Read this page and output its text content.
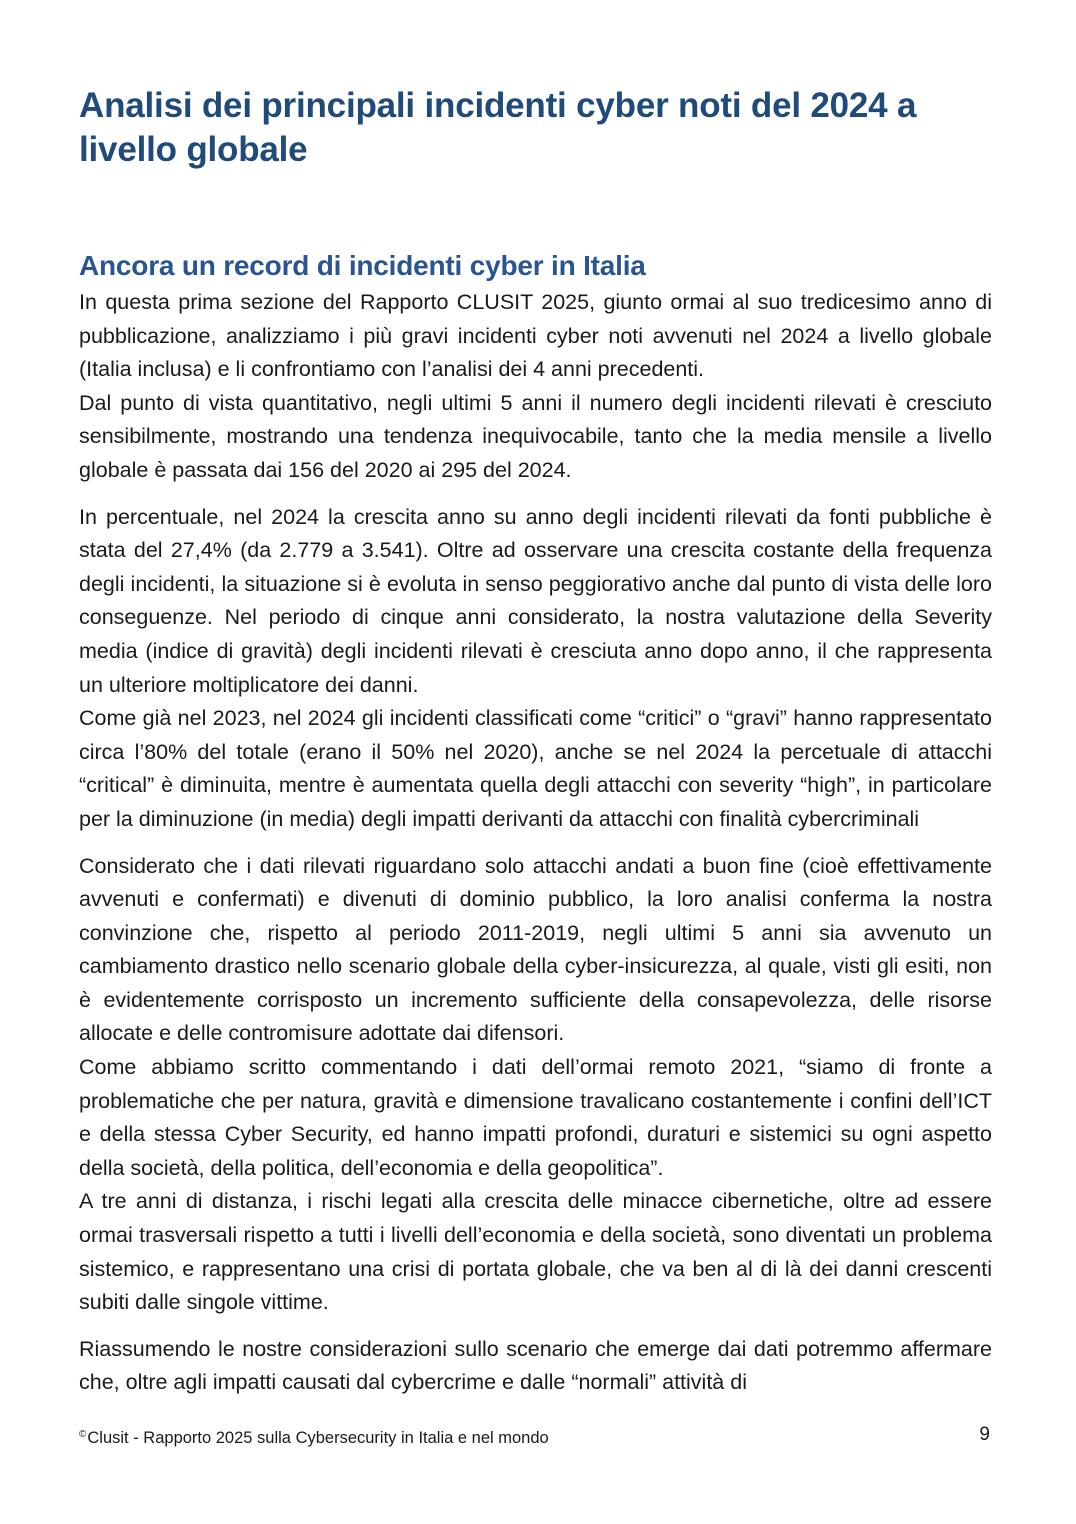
Analisi dei principali incidenti cyber noti del 2024 a livello globale
Ancora un record di incidenti cyber in Italia

In questa prima sezione del Rapporto CLUSIT 2025, giunto ormai al suo tredicesimo anno di pubblicazione, analizziamo i più gravi incidenti cyber noti avvenuti nel 2024 a livello globale (Italia inclusa) e li confrontiamo con l’analisi dei 4 anni precedenti.

Dal punto di vista quantitativo, negli ultimi 5 anni il numero degli incidenti rilevati è cresciuto sensibilmente, mostrando una tendenza inequivocabile, tanto che la media mensile a livello globale è passata dai 156 del 2020 ai 295 del 2024.

In percentuale, nel 2024 la crescita anno su anno degli incidenti rilevati da fonti pubbliche è stata del 27,4% (da 2.779 a 3.541). Oltre ad osservare una crescita costante della frequenza degli incidenti, la situazione si è evoluta in senso peggiorativo anche dal punto di vista delle loro conseguenze. Nel periodo di cinque anni considerato, la nostra valutazione della Severity media (indice di gravità) degli incidenti rilevati è cresciuta anno dopo anno, il che rappresenta un ulteriore moltiplicatore dei danni.

Come già nel 2023, nel 2024 gli incidenti classificati come “critici” o “gravi” hanno rappresentato circa l’80% del totale (erano il 50% nel 2020), anche se nel 2024 la percetuale di attacchi “critical” è diminuita, mentre è aumentata quella degli attacchi con severity “high”, in particolare per la diminuzione (in media) degli impatti derivanti da attacchi con finalità cybercriminali

Considerato che i dati rilevati riguardano solo attacchi andati a buon fine (cioè effettivamente avvenuti e confermati) e divenuti di dominio pubblico, la loro analisi conferma la nostra convinzione che, rispetto al periodo 2011-2019, negli ultimi 5 anni sia avvenuto un cambiamento drastico nello scenario globale della cyber-insicurezza, al quale, visti gli esiti, non è evidentemente corrisposto un incremento sufficiente della consapevolezza, delle risorse allocate e delle contromisure adottate dai difensori.

Come abbiamo scritto commentando i dati dell’ormai remoto 2021, “siamo di fronte a problematiche che per natura, gravità e dimensione travalicano costantemente i confini dell’ICT e della stessa Cyber Security, ed hanno impatti profondi, duraturi e sistemici su ogni aspetto della società, della politica, dell’economia e della geopolitica”.

A tre anni di distanza, i rischi legati alla crescita delle minacce cibernetiche, oltre ad essere ormai trasversali rispetto a tutti i livelli dell’economia e della società, sono diventati un problema sistemico, e rappresentano una crisi di portata globale, che va ben al di là dei danni crescenti subiti dalle singole vittime.

Riassumendo le nostre considerazioni sullo scenario che emerge dai dati potremmo affermare che, oltre agli impatti causati dal cybercrime e dalle “normali” attività di

©Clusit - Rapporto 2025 sulla Cybersecurity in Italia e nel mondo	9
